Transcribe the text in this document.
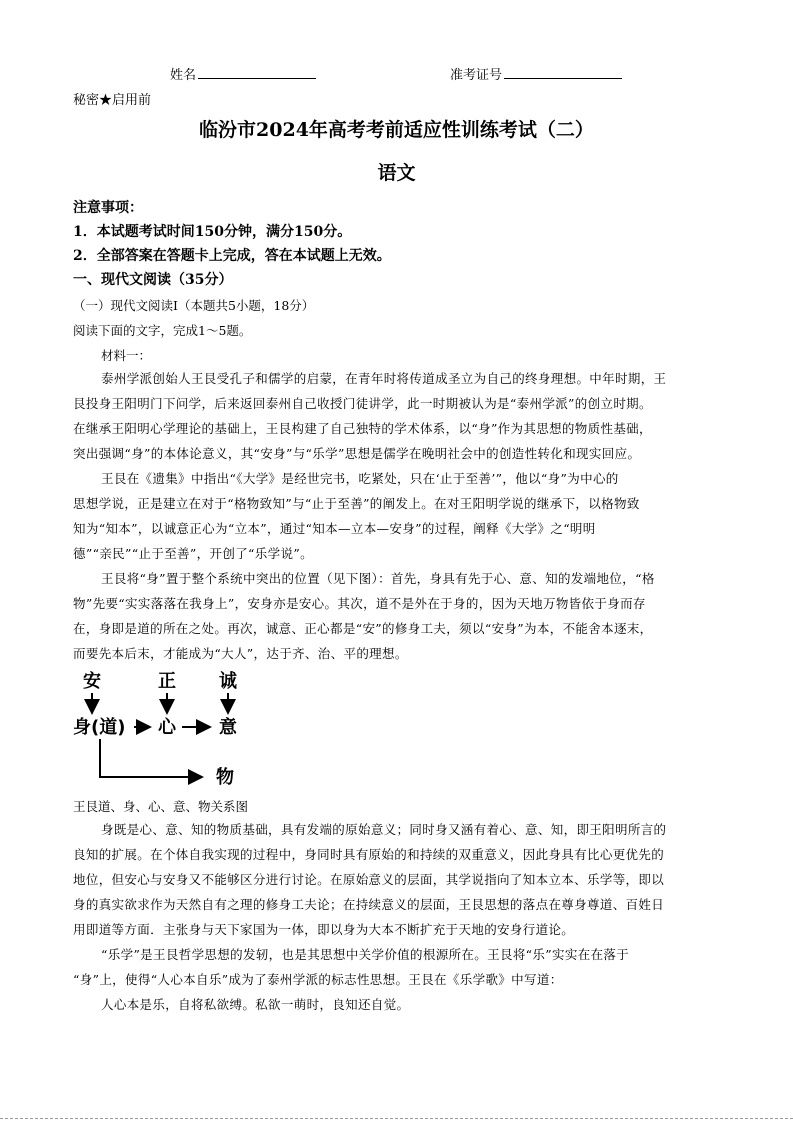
姓名	准考证号
秘密★启用前
临汾市2024年高考考前适应性训练考试（二）
语文
注意事项：
1．本试题考试时间150分钟，满分150分。
2．全部答案在答题卡上完成，答在本试题上无效。
一、现代文阅读（35分）
（一）现代文阅读Ⅰ（本题共5小题，18分）
阅读下面的文字，完成1～5题。
材料一：
泰州学派创始人王艮受孔子和儒学的启蒙，在青年时将传道成圣立为自己的终身理想。中年时期，王
艮投身王阳明门下问学，后来返回泰州自己收授门徒讲学，此一时期被认为是“泰州学派”的创立时期。
在继承王阳明心学理论的基础上，王艮构建了自己独特的学术体系，以“身”作为其思想的物质性基础，
突出强调“身”的本体论意义，其“安身”与“乐学”思想是儒学在晚明社会中的创造性转化和现实回应。
王艮在《遗集》中指出“《大学》是经世完书，吃紧处，只在‘止于至善’”，他以“身”为中心的
思想学说，正是建立在对于“格物致知”与“止于至善”的阐发上。在对王阳明学说的继承下，以格物致
知为“知本”，以诚意正心为“立本”，通过“知本—立本—安身”的过程，阐释《大学》之“明明
德”“亲民”“止于至善”，开创了“乐学说”。
王艮将“身”置于整个系统中突出的位置（见下图）：首先，身具有先于心、意、知的发端地位，“格
物”先要“实实落落在我身上”，安身亦是安心。其次，道不是外在于身的，因为天地万物皆依于身而存
在，身即是道的所在之处。再次，诚意、正心都是“安”的修身工夫，须以“安身”为本，不能舍本逐末，
而要先本后末，才能成为“大人”，达于齐、治、平的理想。
安	正 诚
身(道) 心 意
物
王艮道、身、心、意、物关系图
身既是心、意、知的物质基础，具有发端的原始意义；同时身又涵有着心、意、知，即王阳明所言的
良知的扩展。在个体自我实现的过程中，身同时具有原始的和持续的双重意义，因此身具有比心更优先的
地位，但安心与安身又不能够区分进行讨论。在原始意义的层面，其学说指向了知本立本、乐学等，即以
身的真实欲求作为天然自有之理的修身工夫论；在持续意义的层面，王艮思想的落点在尊身尊道、百姓日
用即道等方面．主张身与天下家国为一体，即以身为大本不断扩充于天地的安身行道论。
“乐学”是王艮哲学思想的发轫，也是其思想中关学价值的根源所在。王艮将“乐”实实在在落于
“身”上，使得“人心本自乐”成为了泰州学派的标志性思想。王艮在《乐学歌》中写道：
人心本是乐，自将私欲缚。私欲一萌时，良知还自觉。
